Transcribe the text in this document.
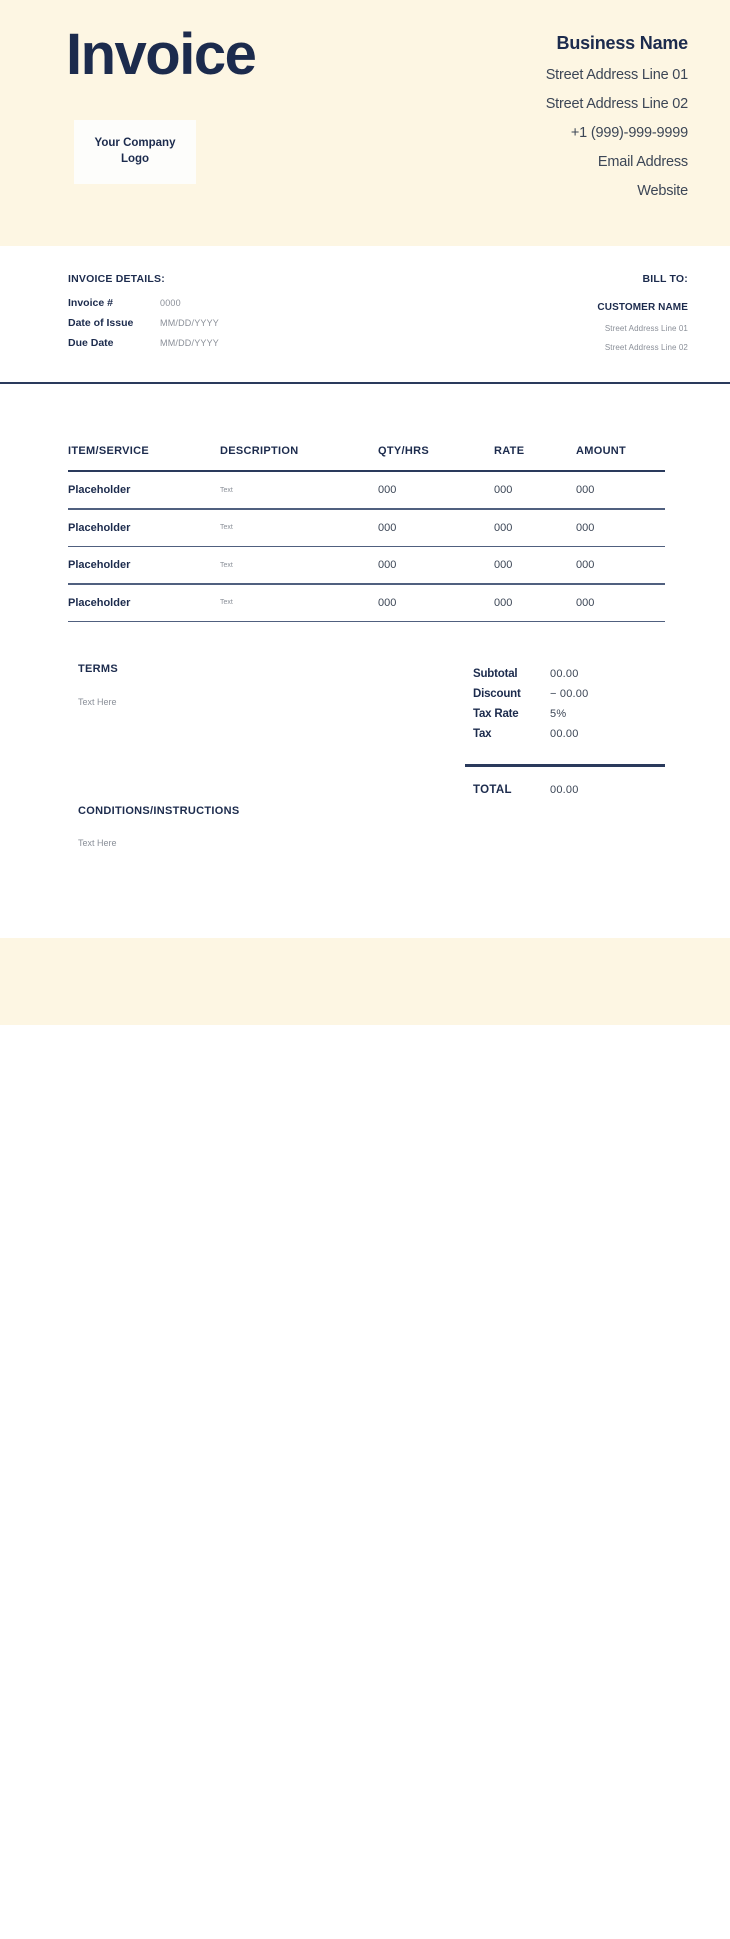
Invoice
Your Company
Logo
Business Name
Street Address Line 01
Street Address Line 02
+1 (999)-999-9999
Email Address
Website
INVOICE DETAILS:
Invoice #	0000
Date of Issue	MM/DD/YYYY
Due Date	MM/DD/YYYY
BILL TO:
CUSTOMER NAME
Street Address Line 01
Street Address Line 02
ITEM/SERVICE	DESCRIPTION	QTY/HRS	RATE	AMOUNT
Placeholder	Text	000	000	000
Placeholder	Text	000	000	000
Placeholder	Text	000	000	000
Placeholder	Text	000	000	000
TERMS
Text Here
CONDITIONS/INSTRUCTIONS
Text Here
Subtotal	00.00
Discount	− 00.00
Tax Rate	5%
Tax	00.00
TOTAL	00.00
